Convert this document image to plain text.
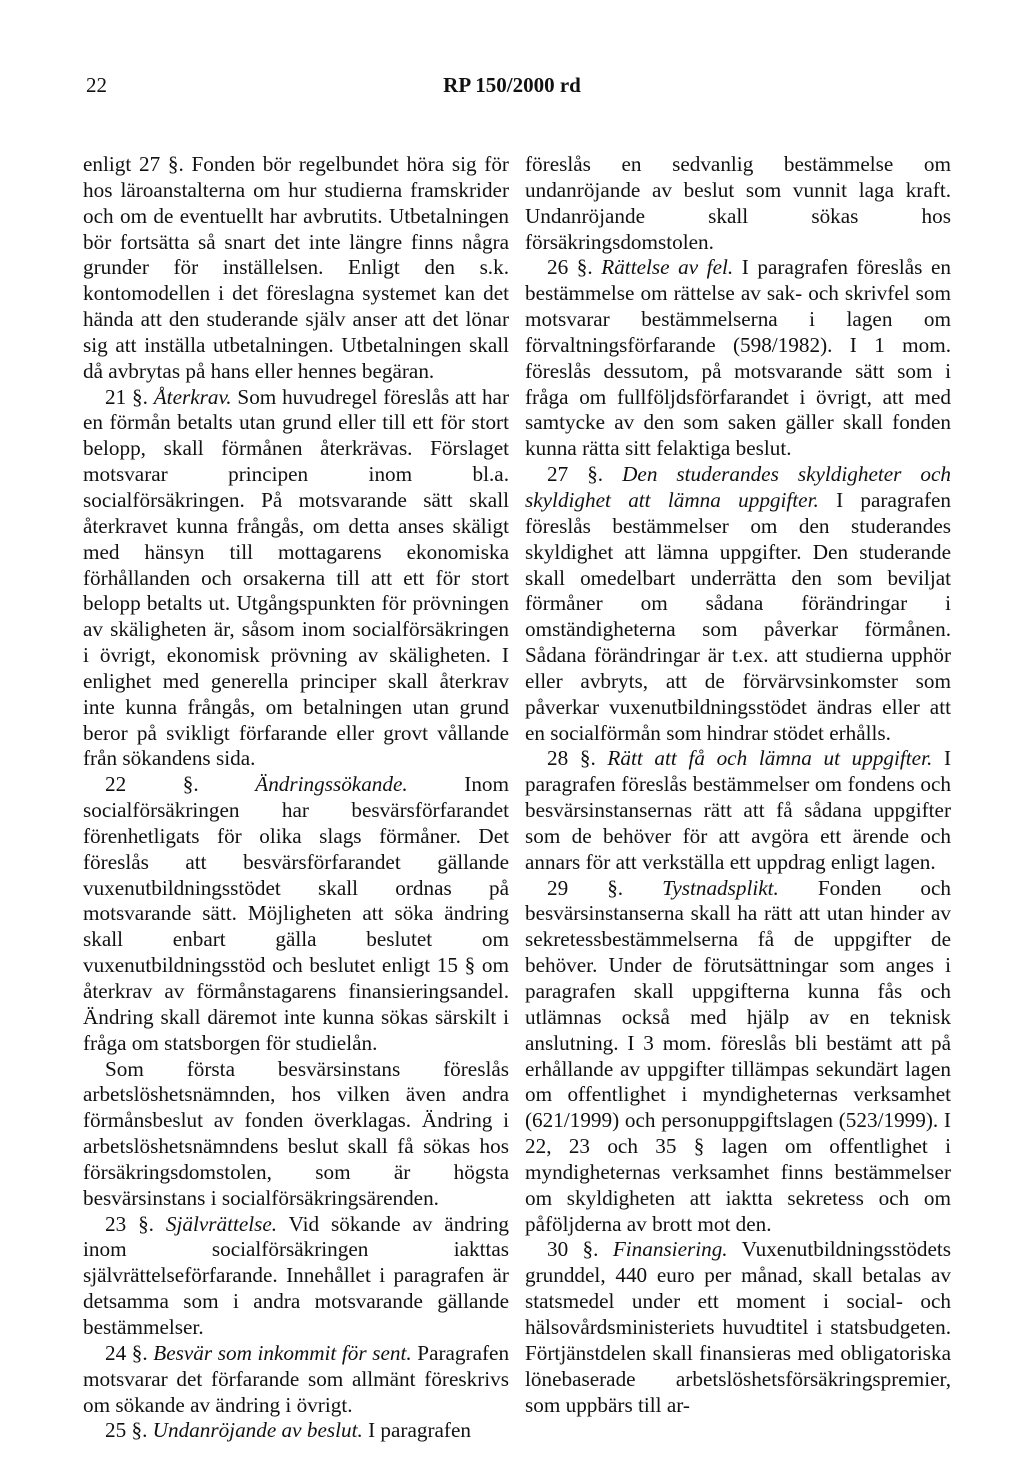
22	RP 150/2000 rd

enligt 27 §. Fonden bör regelbundet höra sig för hos läroanstalterna om hur studierna framskrider och om de eventuellt har avbrutits. Utbetalningen bör fortsätta så snart det inte längre finns några grunder för inställelsen. Enligt den s.k. kontomodellen i det föreslagna systemet kan det hända att den studerande själv anser att det lönar sig att inställa utbetalningen. Utbetalningen skall då avbrytas på hans eller hennes begäran.

21 §. Återkrav. Som huvudregel föreslås att har en förmån betalts utan grund eller till ett för stort belopp, skall förmånen återkrävas. Förslaget motsvarar principen inom bl.a. socialförsäkringen. På motsvarande sätt skall återkravet kunna frångås, om detta anses skäligt med hänsyn till mottagarens ekonomiska förhållanden och orsakerna till att ett för stort belopp betalts ut. Utgångspunkten för prövningen av skäligheten är, såsom inom socialförsäkringen i övrigt, ekonomisk prövning av skäligheten. I enlighet med generella principer skall återkrav inte kunna frångås, om betalningen utan grund beror på svikligt förfarande eller grovt vållande från sökandens sida.

22 §.	Ändringssökande.	Inom socialförsäkringen har besvärsförfarandet förenhetligats för olika slags förmåner. Det föreslås att besvärsförfarandet gällande vuxenutbildningsstödet skall ordnas på motsvarande sätt. Möjligheten att söka ändring skall enbart gälla beslutet om vuxenutbildningsstöd och beslutet enligt 15 § om återkrav av förmånstagarens finansieringsandel. Ändring skall däremot inte kunna sökas särskilt i fråga om statsborgen för studielån.

Som första besvärsinstans föreslås arbetslöshetsnämnden, hos vilken även andra förmånsbeslut av fonden överklagas. Ändring i arbetslöshetsnämndens beslut skall få sökas hos försäkringsdomstolen, som är högsta besvärsinstans i socialförsäkringsärenden.

23 §. Självrättelse. Vid sökande av ändring inom socialförsäkringen iakttas självrättelseförfarande. Innehållet i paragrafen är detsamma som i andra motsvarande gällande bestämmelser.

24 §. Besvär som inkommit för sent. Paragrafen motsvarar det förfarande som allmänt föreskrivs om sökande av ändring i övrigt.

25 §. Undanröjande av beslut. I paragrafen

föreslås en sedvanlig bestämmelse om undanröjande av beslut som vunnit laga kraft. Undanröjande skall sökas hos försäkringsdomstolen.

26 §. Rättelse av fel. I paragrafen föreslås en bestämmelse om rättelse av sak- och skrivfel som motsvarar bestämmelserna i lagen om förvaltningsförfarande (598/1982). I 1 mom. föreslås dessutom, på motsvarande sätt som i fråga om fullföljdsförfarandet i övrigt, att med samtycke av den som saken gäller skall fonden kunna rätta sitt felaktiga beslut.

27 §. Den studerandes skyldigheter och skyldighet att lämna uppgifter. I paragrafen föreslås bestämmelser om den studerandes skyldighet att lämna uppgifter. Den studerande skall omedelbart underrätta den som beviljat förmåner om sådana förändringar i omständigheterna som påverkar förmånen. Sådana förändringar är t.ex. att studierna upphör eller avbryts, att de förvärvsinkomster som påverkar vuxenutbildningsstödet ändras eller att en socialförmån som hindrar stödet erhålls.

28 §. Rätt att få och lämna ut uppgifter. I paragrafen föreslås bestämmelser om fondens och besvärsinstansernas rätt att få sådana uppgifter som de behöver för att avgöra ett ärende och annars för att verkställa ett uppdrag enligt lagen.

29 §. Tystnadsplikt. Fonden och besvärsinstanserna skall ha rätt att utan hinder av sekretessbestämmelserna få de uppgifter de behöver. Under de förutsättningar som anges i paragrafen skall uppgifterna kunna fås och utlämnas också med hjälp av en teknisk anslutning. I 3 mom. föreslås bli bestämt att på erhållande av uppgifter tillämpas sekundärt lagen om offentlighet i myndigheternas verksamhet (621/1999) och personuppgiftslagen (523/1999). I 22, 23 och 35 § lagen om offentlighet i myndigheternas verksamhet finns bestämmelser om skyldigheten att iaktta sekretess och om påföljderna av brott mot den.

30 §. Finansiering. Vuxenutbildningsstödets grunddel, 440 euro per månad, skall betalas av statsmedel under ett moment i social- och hälsovårdsministeriets huvudtitel i statsbudgeten. Förtjänstdelen skall finansieras med obligatoriska lönebaserade arbetslöshetsförsäkringspremier, som uppbärs till ar-
